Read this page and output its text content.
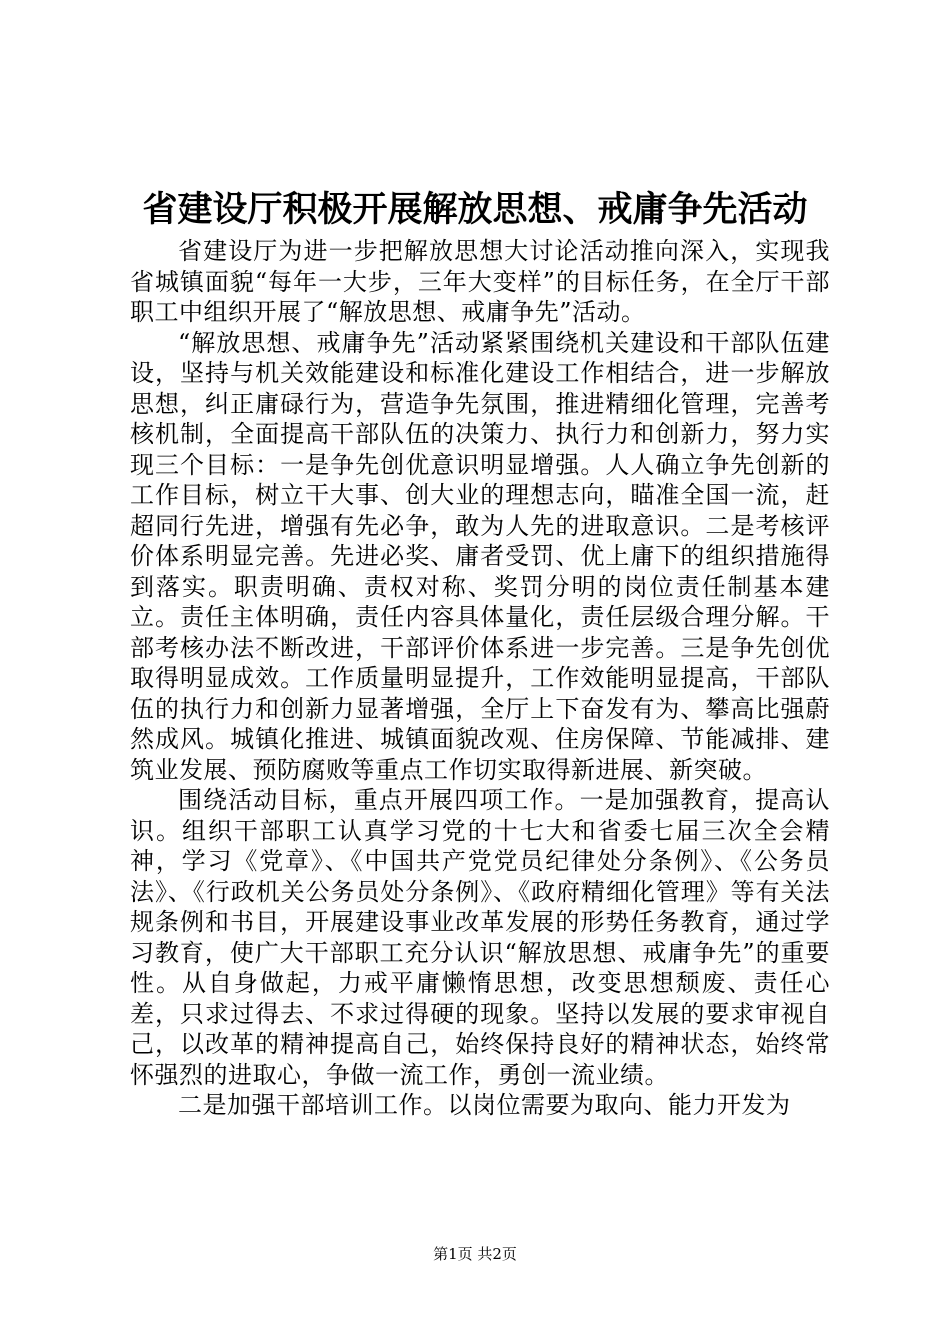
省建设厅积极开展解放思想、戒庸争先活动

省建设厅为进一步把解放思想大讨论活动推向深入，实现我省城镇面貌“每年一大步，三年大变样”的目标任务，在全厅干部职工中组织开展了“解放思想、戒庸争先”活动。

“解放思想、戒庸争先”活动紧紧围绕机关建设和干部队伍建设，坚持与机关效能建设和标准化建设工作相结合，进一步解放思想，纠正庸碌行为，营造争先氛围，推进精细化管理，完善考核机制，全面提高干部队伍的决策力、执行力和创新力，努力实现三个目标：一是争先创优意识明显增强。人人确立争先创新的工作目标，树立干大事、创大业的理想志向，瞄准全国一流，赶超同行先进，增强有先必争，敢为人先的进取意识。二是考核评价体系明显完善。先进必奖、庸者受罚、优上庸下的组织措施得到落实。职责明确、责权对称、奖罚分明的岗位责任制基本建立。责任主体明确，责任内容具体量化，责任层级合理分解。干部考核办法不断改进，干部评价体系进一步完善。三是争先创优取得明显成效。工作质量明显提升，工作效能明显提高，干部队伍的执行力和创新力显著增强，全厅上下奋发有为、攀高比强蔚然成风。城镇化推进、城镇面貌改观、住房保障、节能减排、建筑业发展、预防腐败等重点工作切实取得新进展、新突破。

围绕活动目标，重点开展四项工作。一是加强教育，提高认识。组织干部职工认真学习党的十七大和省委七届三次全会精神，学习《党章》、《中国共产党党员纪律处分条例》、《公务员法》、《行政机关公务员处分条例》、《政府精细化管理》等有关法规条例和书目，开展建设事业改革发展的形势任务教育，通过学习教育，使广大干部职工充分认识“解放思想、戒庸争先”的重要性。从自身做起，力戒平庸懒惰思想，改变思想颓废、责任心差，只求过得去、不求过得硬的现象。坚持以发展的要求审视自己，以改革的精神提高自己，始终保持良好的精神状态，始终常怀强烈的进取心，争做一流工作，勇创一流业绩。

二是加强干部培训工作。以岗位需要为取向、能力开发为

第1页 共2页
